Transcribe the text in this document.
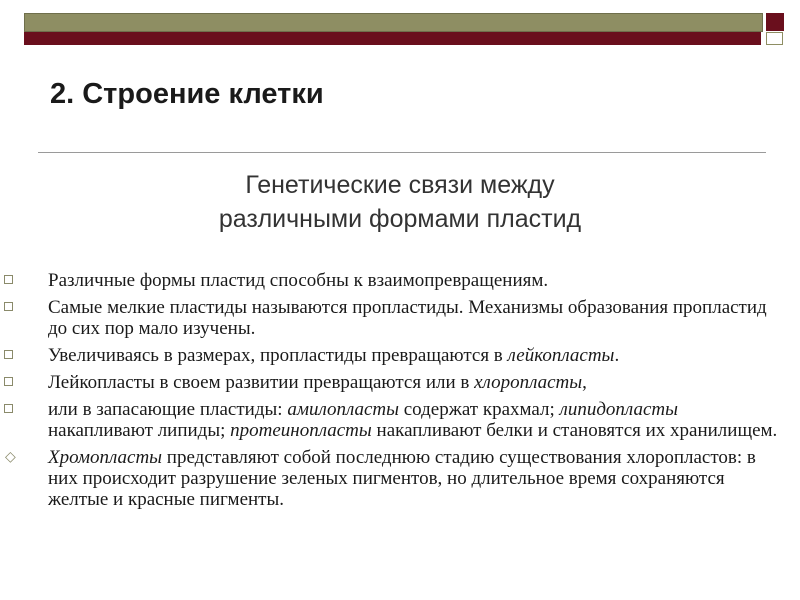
2. Строение клетки
Генетические связи между
различными формами пластид
Различные формы пластид способны к взаимопревращениям.
Самые мелкие пластиды называются пропластиды. Механизмы образования пропластид до сих пор мало изучены.
Увеличиваясь в размерах, пропластиды превращаются в лейкопласты.
Лейкопласты в своем развитии превращаются или в хлоропласты,
или в запасающие пластиды: амилопласты содержат крахмал; липидопласты накапливают липиды; протеинопласты накапливают белки и становятся их хранилищем.
◇ Хромопласты представляют собой последнюю стадию существования хлоропластов: в них происходит разрушение зеленых пигментов, но длительное время сохраняются желтые и красные пигменты.
